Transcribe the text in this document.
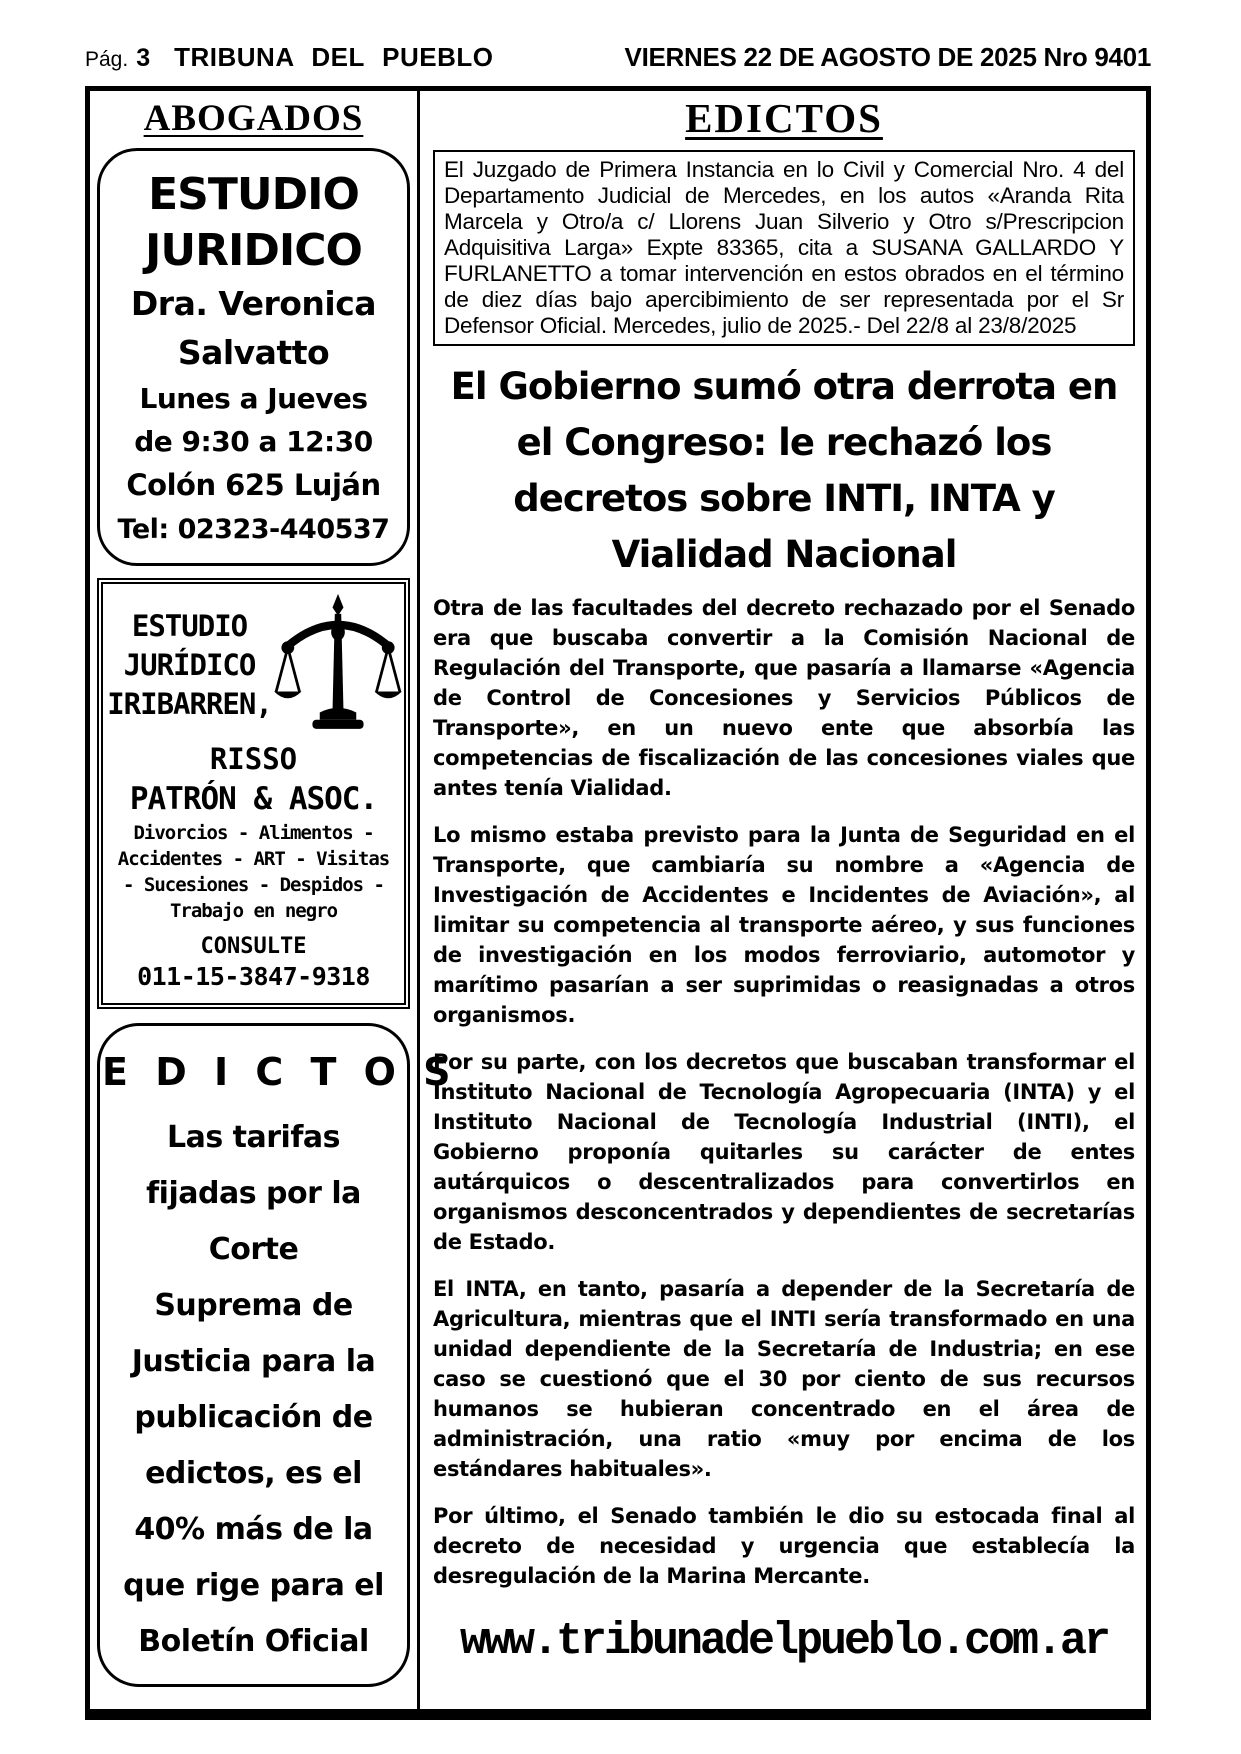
Pág. 3 TRIBUNA DEL PUEBLO	VIERNES 22 DE AGOSTO DE 2025 Nro 9401
ABOGADOS
ESTUDIO
JURIDICO
Dra. Veronica
Salvatto
Lunes a Jueves
de 9:30 a 12:30
Colón 625 Luján
Tel: 02323-440537
ESTUDIO
JURÍDICO
IRIBARREN,
RISSO
PATRÓN & ASOC.
Divorcios - Alimentos -
Accidentes - ART - Visitas
- Sucesiones - Despidos -
Trabajo en negro
CONSULTE
011-15-3847-9318
E D I C T O S
Las tarifas
fijadas por la
Corte
Suprema de
Justicia para la
publicación de
edictos, es el
40% más de la
que rige para el
Boletín Oficial
EDICTOS
El Juzgado de Primera Instancia en lo Civil y Comercial Nro. 4 del Departamento Judicial de Mercedes, en los autos «Aranda Rita Marcela y Otro/a c/ Llorens Juan Silverio y Otro s/Prescripcion Adquisitiva Larga» Expte 83365, cita a SUSANA GALLARDO Y FURLANETTO a tomar intervención en estos obrados en el término de diez días bajo apercibimiento de ser representada por el Sr Defensor Oficial. Mercedes, julio de 2025.- Del 22/8 al 23/8/2025
El Gobierno sumó otra derrota en el Congreso: le rechazó los decretos sobre INTI, INTA y Vialidad Nacional

Otra de las facultades del decreto rechazado por el Senado era que buscaba convertir a la Comisión Nacional de Regulación del Transporte, que pasaría a llamarse «Agencia de Control de Concesiones y Servicios Públicos de Transporte», en un nuevo ente que absorbía las competencias de fiscalización de las concesiones viales que antes tenía Vialidad.

Lo mismo estaba previsto para la Junta de Seguridad en el Transporte, que cambiaría su nombre a «Agencia de Investigación de Accidentes e Incidentes de Aviación», al limitar su competencia al transporte aéreo, y sus funciones de investigación en los modos ferroviario, automotor y marítimo pasarían a ser suprimidas o reasignadas a otros organismos.

Por su parte, con los decretos que buscaban transformar el Instituto Nacional de Tecnología Agropecuaria (INTA) y el Instituto Nacional de Tecnología Industrial (INTI), el Gobierno proponía quitarles su carácter de entes autárquicos o descentralizados para convertirlos en organismos desconcentrados y dependientes de secretarías de Estado.

El INTA, en tanto, pasaría a depender de la Secretaría de Agricultura, mientras que el INTI sería transformado en una unidad dependiente de la Secretaría de Industria; en ese caso se cuestionó que el 30 por ciento de sus recursos humanos se hubieran concentrado en el área de administración, una ratio «muy por encima de los estándares habituales».

Por último, el Senado también le dio su estocada final al decreto de necesidad y urgencia que establecía la desregulación de la Marina Mercante.

www.tribunadelpueblo.com.ar
